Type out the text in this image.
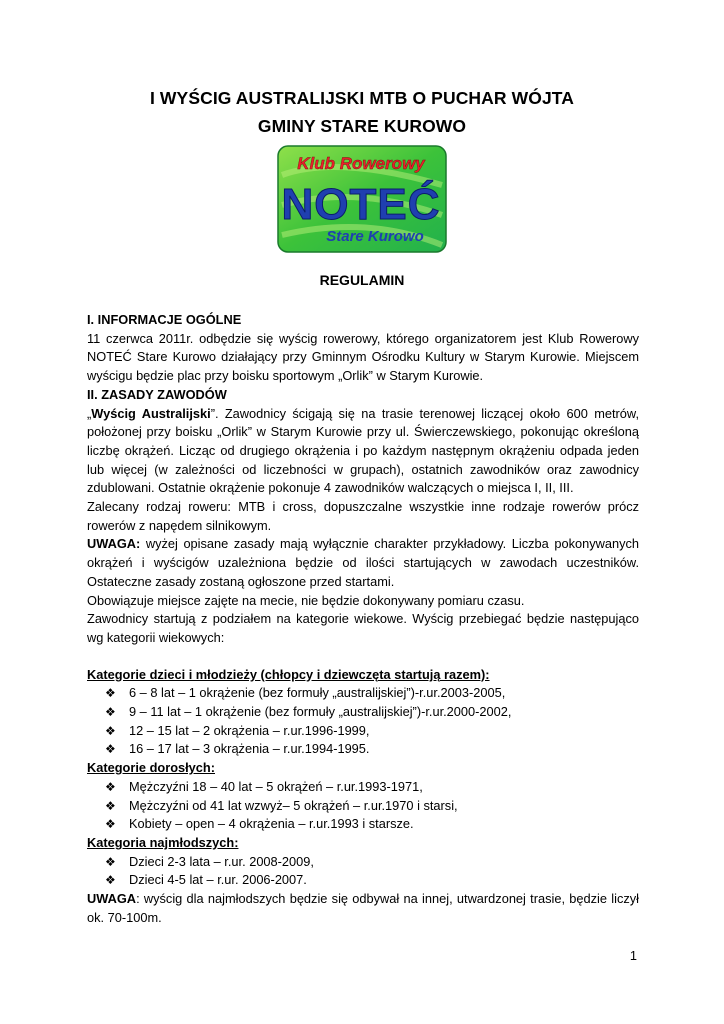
I WYŚCIG AUSTRALIJSKI MTB O PUCHAR WÓJTA
GMINY STARE KUROWO
Klub Rowerowy
NOTEĆ
Stare Kurowo
REGULAMIN

I. INFORMACJE OGÓLNE

11 czerwca 2011r. odbędzie się wyścig rowerowy, którego organizatorem jest Klub Rowerowy NOTEĆ Stare Kurowo działający przy Gminnym Ośrodku Kultury w Starym Kurowie. Miejscem wyścigu będzie plac przy boisku sportowym „Orlik” w Starym Kurowie.

II. ZASADY ZAWODÓW

„Wyścig Australijski”. Zawodnicy ścigają się na trasie terenowej liczącej około 600 metrów, położonej przy boisku „Orlik” w Starym Kurowie przy ul. Świerczewskiego, pokonując określoną liczbę okrążeń. Licząc od drugiego okrążenia i po każdym następnym okrążeniu odpada jeden lub więcej (w zależności od liczebności w grupach), ostatnich zawodników oraz zawodnicy zdublowani. Ostatnie okrążenie pokonuje 4 zawodników walczących o miejsca I, II, III.

Zalecany rodzaj roweru: MTB i cross, dopuszczalne wszystkie inne rodzaje rowerów prócz rowerów z napędem silnikowym.

UWAGA: wyżej opisane zasady mają wyłącznie charakter przykładowy. Liczba pokonywanych okrążeń i wyścigów uzależniona będzie od ilości startujących w zawodach uczestników. Ostateczne zasady zostaną ogłoszone przed startami.

Obowiązuje miejsce zajęte na mecie, nie będzie dokonywany pomiaru czasu.

Zawodnicy startują z podziałem na kategorie wiekowe. Wyścig przebiegać będzie następująco wg kategorii wiekowych:

Kategorie dzieci i młodzieży (chłopcy i dziewczęta startują razem):

❖ 6 – 8 lat – 1 okrążenie (bez formuły „australijskiej”)-r.ur.2003-2005,
❖ 9 – 11 lat – 1 okrążenie (bez formuły „australijskiej”)-r.ur.2000-2002,
❖ 12 – 15 lat – 2 okrążenia – r.ur.1996-1999,
❖ 16 – 17 lat – 3 okrążenia – r.ur.1994-1995.

Kategorie dorosłych:

❖ Mężczyźni 18 – 40 lat – 5 okrążeń – r.ur.1993-1971,
❖ Mężczyźni od 41 lat wzwyż– 5 okrążeń – r.ur.1970 i starsi,
❖ Kobiety – open – 4 okrążenia – r.ur.1993 i starsze.

Kategoria najmłodszych:

❖ Dzieci 2-3 lata – r.ur. 2008-2009,
❖ Dzieci 4-5 lat – r.ur. 2006-2007.

UWAGA: wyścig dla najmłodszych będzie się odbywał na innej, utwardzonej trasie, będzie liczył ok. 70-100m.

1
